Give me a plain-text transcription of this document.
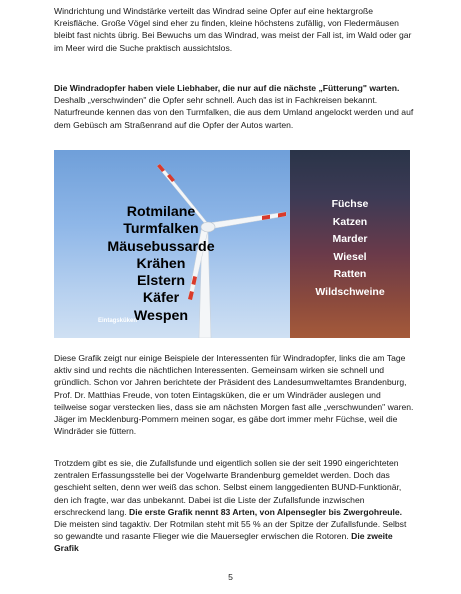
Windrichtung und Windstärke verteilt das Windrad seine Opfer auf eine hektargroße Kreisfläche. Große Vögel sind eher zu finden, kleine höchstens zufällig, von Fledermäusen bleibt fast nichts übrig. Bei Bewuchs um das Windrad, was meist der Fall ist, im Wald oder gar im Meer wird die Suche praktisch aussichtslos.

Die Windradopfer haben viele Liebhaber, die nur auf die nächste „Fütterung" warten. Deshalb „verschwinden" die Opfer sehr schnell. Auch das ist in Fachkreisen bekannt. Naturfreunde kennen das von den Turmfalken, die aus dem Umland angelockt werden und auf dem Gebüsch am Straßenrand auf die Opfer der Autos warten.

Rotmilane
Turmfalken
Mäusebussarde
Krähen
Elstern
Käfer
Wespen
Eintagsküken
Füchse
Katzen
Marder
Wiesel
Ratten
Wildschweine

Diese Grafik zeigt nur einige Beispiele der Interessenten für Windradopfer, links die am Tage aktiv sind und rechts die nächtlichen Interessenten. Gemeinsam wirken sie schnell und gründlich. Schon vor Jahren berichtete der Präsident des Landesumweltamtes Brandenburg, Prof. Dr. Matthias Freude, von toten Eintagsküken, die er um Windräder auslegen und teilweise sogar verstecken lies, dass sie am nächsten Morgen fast alle „verschwunden" waren. Jäger im Mecklenburg-Pommern meinen sogar, es gäbe dort immer mehr Füchse, weil die Windräder sie füttern.

Trotzdem gibt es sie, die Zufallsfunde und eigentlich sollen sie der seit 1990 eingerichteten zentralen Erfassungsstelle bei der Vogelwarte Brandenburg gemeldet werden. Doch das geschieht selten, denn wer weiß das schon. Selbst einem langgedienten BUND-Funktionär, den ich fragte, war das unbekannt. Dabei ist die Liste der Zufallsfunde inzwischen erschreckend lang. Die erste Grafik nennt 83 Arten, von Alpensegler bis Zwergohreule. Die meisten sind tagaktiv. Der Rotmilan steht mit 55 % an der Spitze der Zufallsfunde. Selbst so gewandte und rasante Flieger wie die Mauersegler erwischen die Rotoren. Die zweite Grafik

5
